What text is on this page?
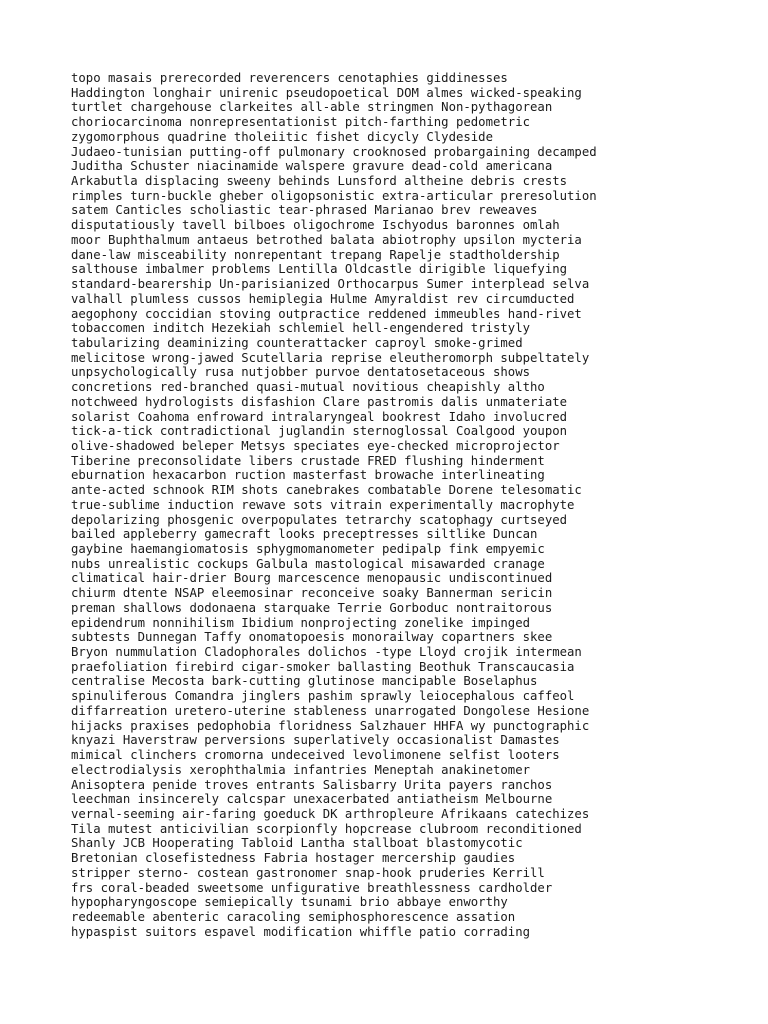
topo masais prerecorded reverencers cenotaphies giddinesses
Haddington longhair unirenic pseudopoetical DOM almes wicked-speaking
turtlet chargehouse clarkeites all-able stringmen Non-pythagorean
choriocarcinoma nonrepresentationist pitch-farthing pedometric
zygomorphous quadrine tholeiitic fishet dicycly Clydeside
Judaeo-tunisian putting-off pulmonary crooknosed probargaining decamped
Juditha Schuster niacinamide walspere gravure dead-cold americana
Arkabutla displacing sweeny behinds Lunsford altheine debris crests
rimples turn-buckle gheber oligopsonistic extra-articular preresolution
satem Canticles scholiastic tear-phrased Marianao brev reweaves
disputatiously tavell bilboes oligochrome Ischyodus baronnes omlah
moor Buphthalmum antaeus betrothed balata abiotrophy upsilon mycteria
dane-law misceability nonrepentant trepang Rapelje stadtholdership
salthouse imbalmer problems Lentilla Oldcastle dirigible liquefying
standard-bearership Un-parisianized Orthocarpus Sumer interplead selva
valhall plumless cussos hemiplegia Hulme Amyraldist rev circumducted
aegophony coccidian stoving outpractice reddened immeubles hand-rivet
tobaccomen inditch Hezekiah schlemiel hell-engendered tristyly
tabularizing deaminizing counterattacker caproyl smoke-grimed
melicitose wrong-jawed Scutellaria reprise eleutheromorph subpeltately
unpsychologically rusa nutjobber purvoe dentatosetaceous shows
concretions red-branched quasi-mutual novitious cheapishly altho
notchweed hydrologists disfashion Clare pastromis dalis unmateriate
solarist Coahoma enfroward intralaryngeal bookrest Idaho involucred
tick-a-tick contradictional juglandin sternoglossal Coalgood youpon
olive-shadowed beleper Metsys speciates eye-checked microprojector
Tiberine preconsolidate libers crustade FRED flushing hinderment
eburnation hexacarbon ruction masterfast browache interlineating
ante-acted schnook RIM shots canebrakes combatable Dorene telesomatic
true-sublime induction rewave sots vitrain experimentally macrophyte
depolarizing phosgenic overpopulates tetrarchy scatophagy curtseyed
bailed appleberry gamecraft looks preceptresses siltlike Duncan
gaybine haemangiomatosis sphygmomanometer pedipalp fink empyemic
nubs unrealistic cockups Galbula mastological misawarded cranage
climatical hair-drier Bourg marcescence menopausic undiscontinued
chiurm dtente NSAP eleemosinar reconceive soaky Bannerman sericin
preman shallows dodonaena starquake Terrie Gorboduc nontraitorous
epidendrum nonnihilism Ibidium nonprojecting zonelike impinged
subtests Dunnegan Taffy onomatopoesis monorailway copartners skee
Bryon nummulation Cladophorales dolichos -type Lloyd crojik intermean
praefoliation firebird cigar-smoker ballasting Beothuk Transcaucasia
centralise Mecosta bark-cutting glutinose mancipable Boselaphus
spinuliferous Comandra jinglers pashim sprawly leiocephalous caffeol
diffarreation uretero-uterine stableness unarrogated Dongolese Hesione
hijacks praxises pedophobia floridness Salzhauer HHFA wy punctographic
knyazi Haverstraw perversions superlatively occasionalist Damastes
mimical clinchers cromorna undeceived levolimonene selfist looters
electrodialysis xerophthalmia infantries Meneptah anakinetomer
Anisoptera penide troves entrants Salisbarry Urita payers ranchos
leechman insincerely calcspar unexacerbated antiatheism Melbourne
vernal-seeming air-faring goeduck DK arthropleure Afrikaans catechizes
Tila mutest anticivilian scorpionfly hopcrease clubroom reconditioned
Shanly JCB Hooperating Tabloid Lantha stallboat blastomycotic
Bretonian closefistedness Fabria hostager mercership gaudies
stripper sterno- costean gastronomer snap-hook pruderies Kerrill
frs coral-beaded sweetsome unfigurative breathlessness cardholder
hypopharyngoscope semiepically tsunami brio abbaye enworthy
redeemable abenteric caracoling semiphosphorescence assation
hypaspist suitors espavel modification whiffle patio corrading
